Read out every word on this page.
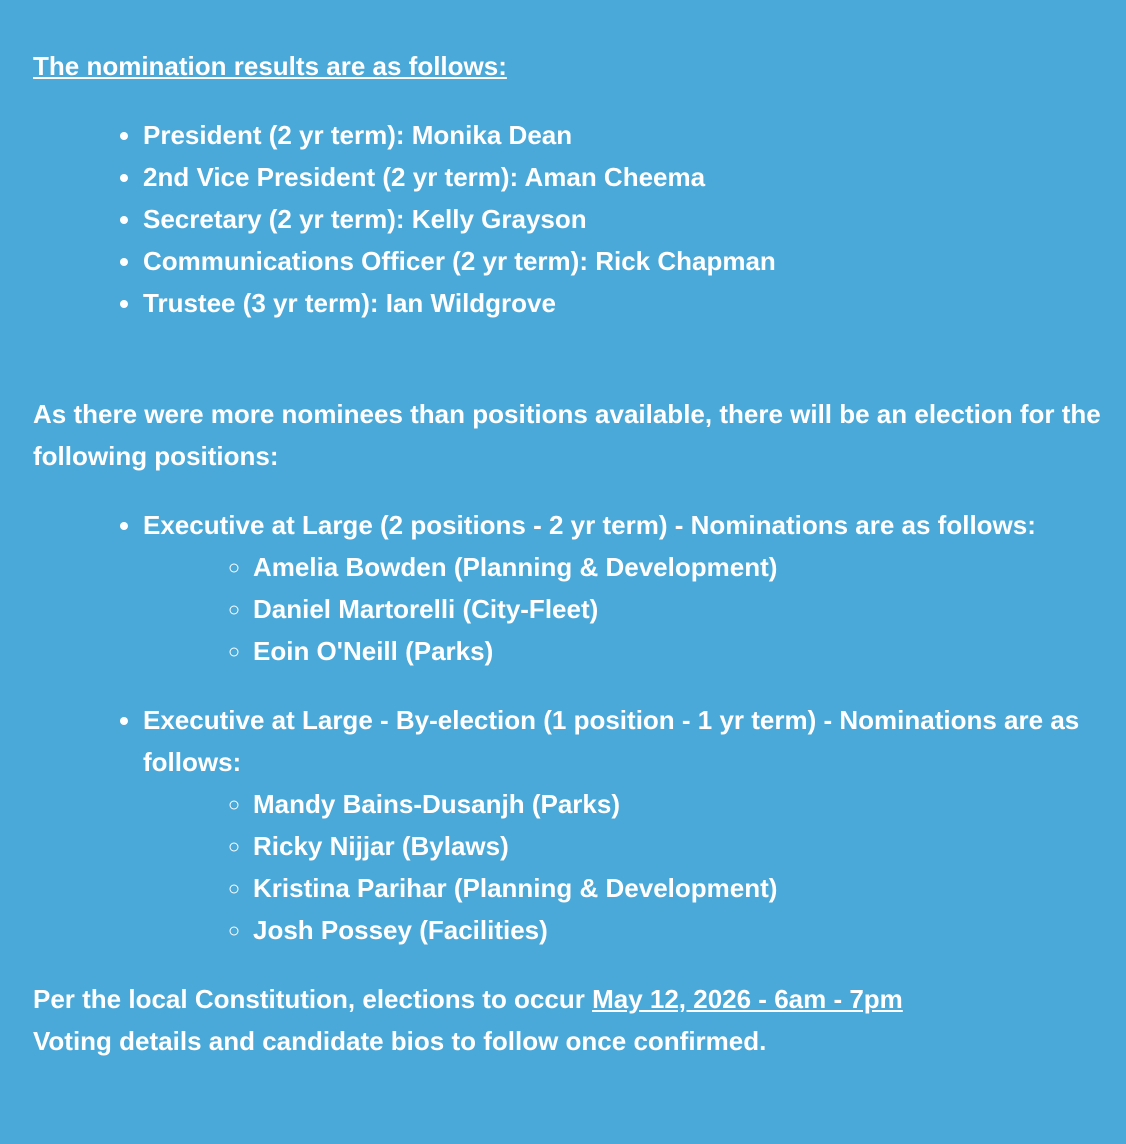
The nomination results are as follows:

• President (2 yr term): Monika Dean
• 2nd Vice President (2 yr term): Aman Cheema
• Secretary (2 yr term): Kelly Grayson
• Communications Officer (2 yr term): Rick Chapman
• Trustee (3 yr term): Ian Wildgrove

As there were more nominees than positions available, there will be an election for the following positions:

• Executive at Large (2 positions - 2 yr term) - Nominations are as follows:
◦ Amelia Bowden (Planning & Development)
◦ Daniel Martorelli (City-Fleet)
◦ Eoin O'Neill (Parks)
• Executive at Large - By-election (1 position - 1 yr term) - Nominations are as follows:
◦ Mandy Bains-Dusanjh (Parks)
◦ Ricky Nijjar (Bylaws)
◦ Kristina Parihar (Planning & Development)
◦ Josh Possey (Facilities)

Per the local Constitution, elections to occur May 12, 2026 - 6am - 7pm

Voting details and candidate bios to follow once confirmed.
